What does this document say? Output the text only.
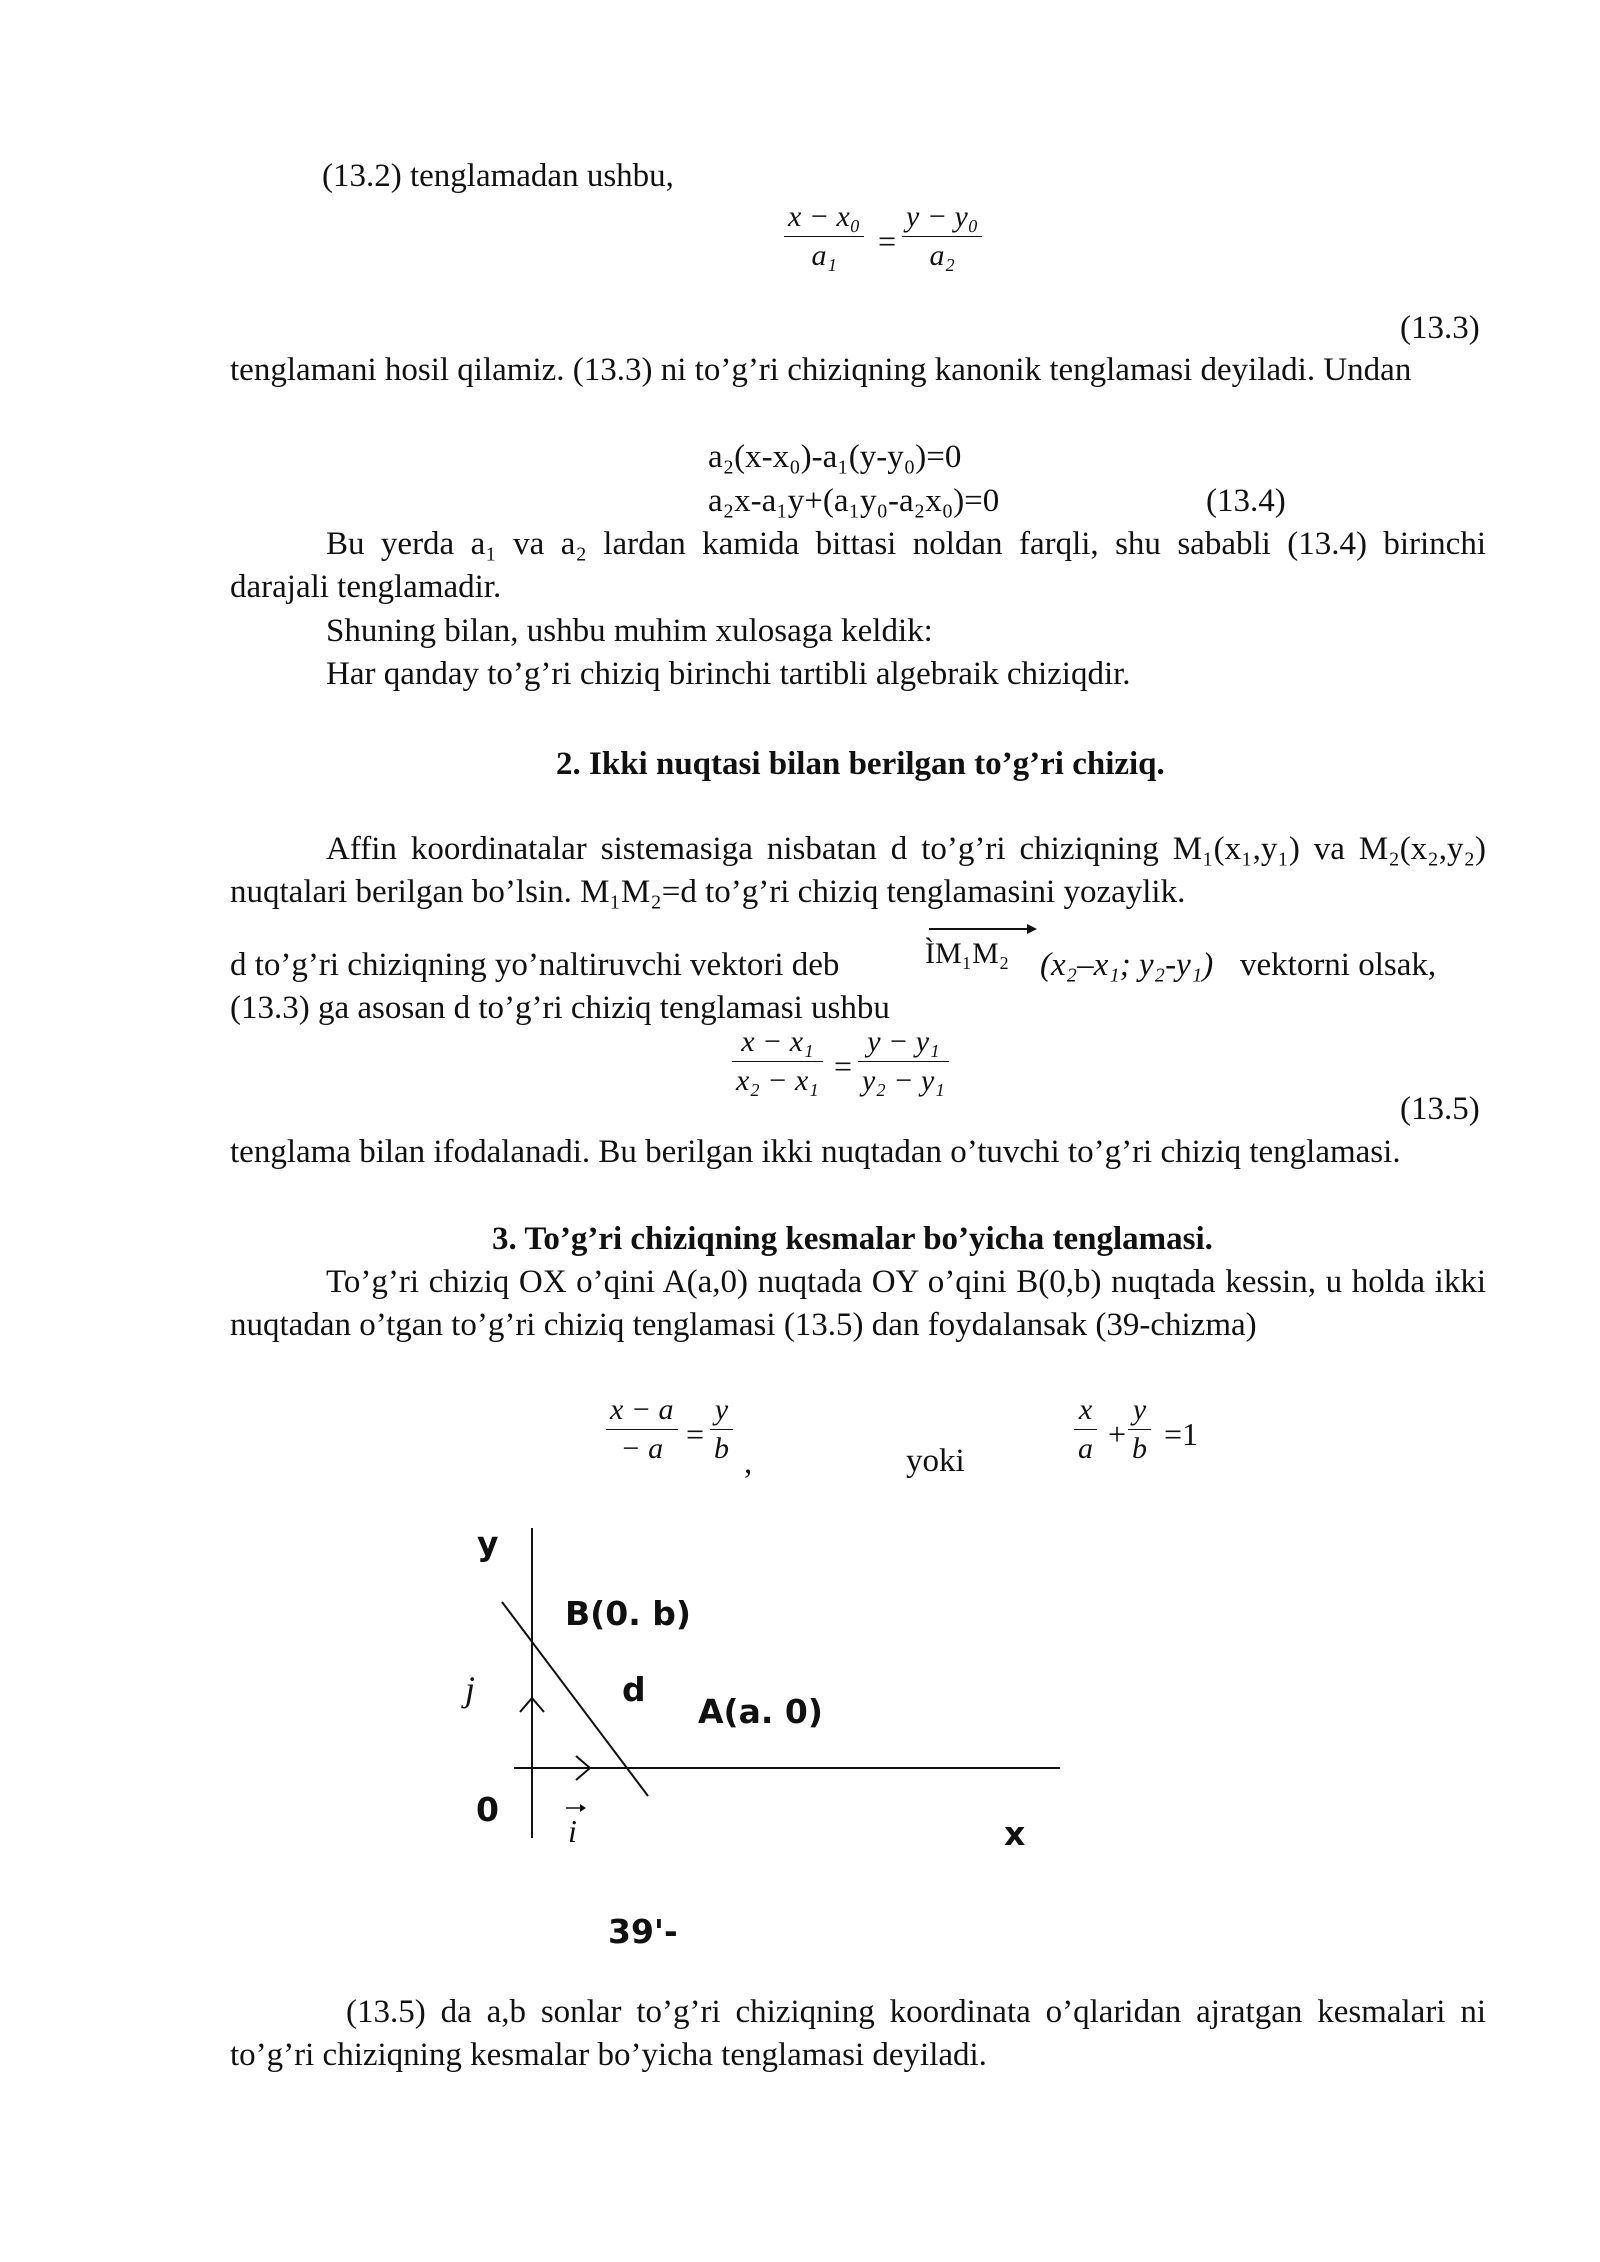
(13.2) tenglamadan ushbu,
x − x₀
a₁	=
y − y₀
a₂
(13.3)
tenglamani hosil qilamiz. (13.3) ni to’g’ri chiziqning kanonik tenglamasi deyiladi. Undan
a₂(x-x₀)-a₁(y-y₀)=0
a₂x-a₁y+(a₁y₀-a₂x₀)=0	(13.4)
Bu yerda a₁ va a₂ lardan kamida bittasi noldan farqli, shu sababli (13.4) birinchi darajali tenglamadir.
Shuning bilan, ushbu muhim xulosaga keldik:
Har qanday to’g’ri chiziq birinchi tartibli algebraik chiziqdir.
2. Ikki nuqtasi bilan berilgan to’g’ri chiziq.
Affin koordinatalar sistemasiga nisbatan d to’g’ri chiziqning M₁(x₁,y₁) va M₂(x₂,y₂) nuqtalari berilgan bo’lsin. M₁M₂=d to’g’ri chiziq tenglamasini yozaylik.
d to’g’ri chiziqning yo’naltiruvchi vektori deb	ÌM₁M₂ (x₂–x₁; y₂-y₁) vektorni olsak,
(13.3) ga asosan d to’g’ri chiziq tenglamasi ushbu
x − x₁
x₂ − x₁ =
y − y₁
y₂ − y₁
(13.5)
tenglama bilan ifodalanadi. Bu berilgan ikki nuqtadan o’tuvchi to’g’ri chiziq tenglamasi.
3. To’g’ri chiziqning kesmalar bo’yicha tenglamasi.
To’g’ri chiziq OX o’qini A(a,0) nuqtada OY o’qini B(0,b) nuqtada kessin, u holda ikki nuqtadan o’tgan to’g’ri chiziq tenglamasi (13.5) dan foydalansak (39-chizma)
x − a
− a =
y
b ,	yoki
x
a +
y
b =1
y
B(0. b)
j	d
A(a. 0)
0
i	x
39'-
(13.5) da a,b sonlar to’g’ri chiziqning koordinata o’qlaridan ajratgan kesmalari ni to’g’ri chiziqning kesmalar bo’yicha tenglamasi deyiladi.
